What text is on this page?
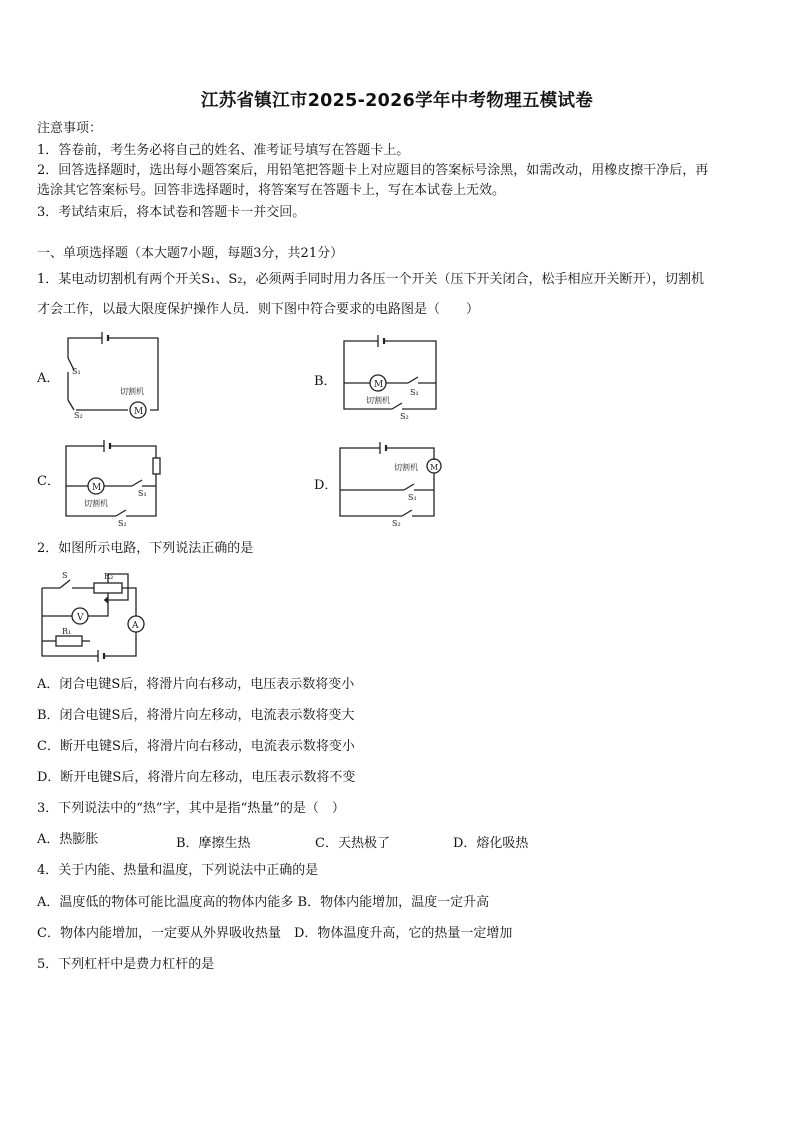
江苏省镇江市2025-2026学年中考物理五模试卷
注意事项：
1．答卷前，考生务必将自己的姓名、准考证号填写在答题卡上。
2．回答选择题时，选出每小题答案后，用铅笔把答题卡上对应题目的答案标号涂黑，如需改动，用橡皮擦干净后，再
选涂其它答案标号。回答非选择题时，将答案写在答题卡上，写在本试卷上无效。
3．考试结束后，将本试卷和答题卡一并交回。
一、单项选择题（本大题7小题，每题3分，共21分）
1．某电动切割机有两个开关S₁、S₂，必须两手同时用力各压一个开关（压下开关闭合，松手相应开关断开），切割机
才会工作，以最大限度保护操作人员．则下图中符合要求的电路图是（　　）
A．	B．
C．	D．
M
S₁
S₂
切割机
M
S₁
S₂
切割机
M
S₁
S₂
切割机
M
切割机
S₁
S₂
2．如图所示电路，下列说法正确的是
S	R₂
R₁
V
A
A．闭合电键S后，将滑片向右移动，电压表示数将变小
B．闭合电键S后，将滑片向左移动，电流表示数将变大
C．断开电键S后，将滑片向右移动，电流表示数将变小
D．断开电键S后，将滑片向左移动，电压表示数将不变
3．下列说法中的“热”字，其中是指“热量”的是（　）
A．热膨胀	B．摩擦生热	C．天热极了	D．熔化吸热
4．关于内能、热量和温度，下列说法中正确的是
A．温度低的物体可能比温度高的物体内能多 B．物体内能增加，温度一定升高
C．物体内能增加，一定要从外界吸收热量　D．物体温度升高，它的热量一定增加
5．下列杠杆中是费力杠杆的是
